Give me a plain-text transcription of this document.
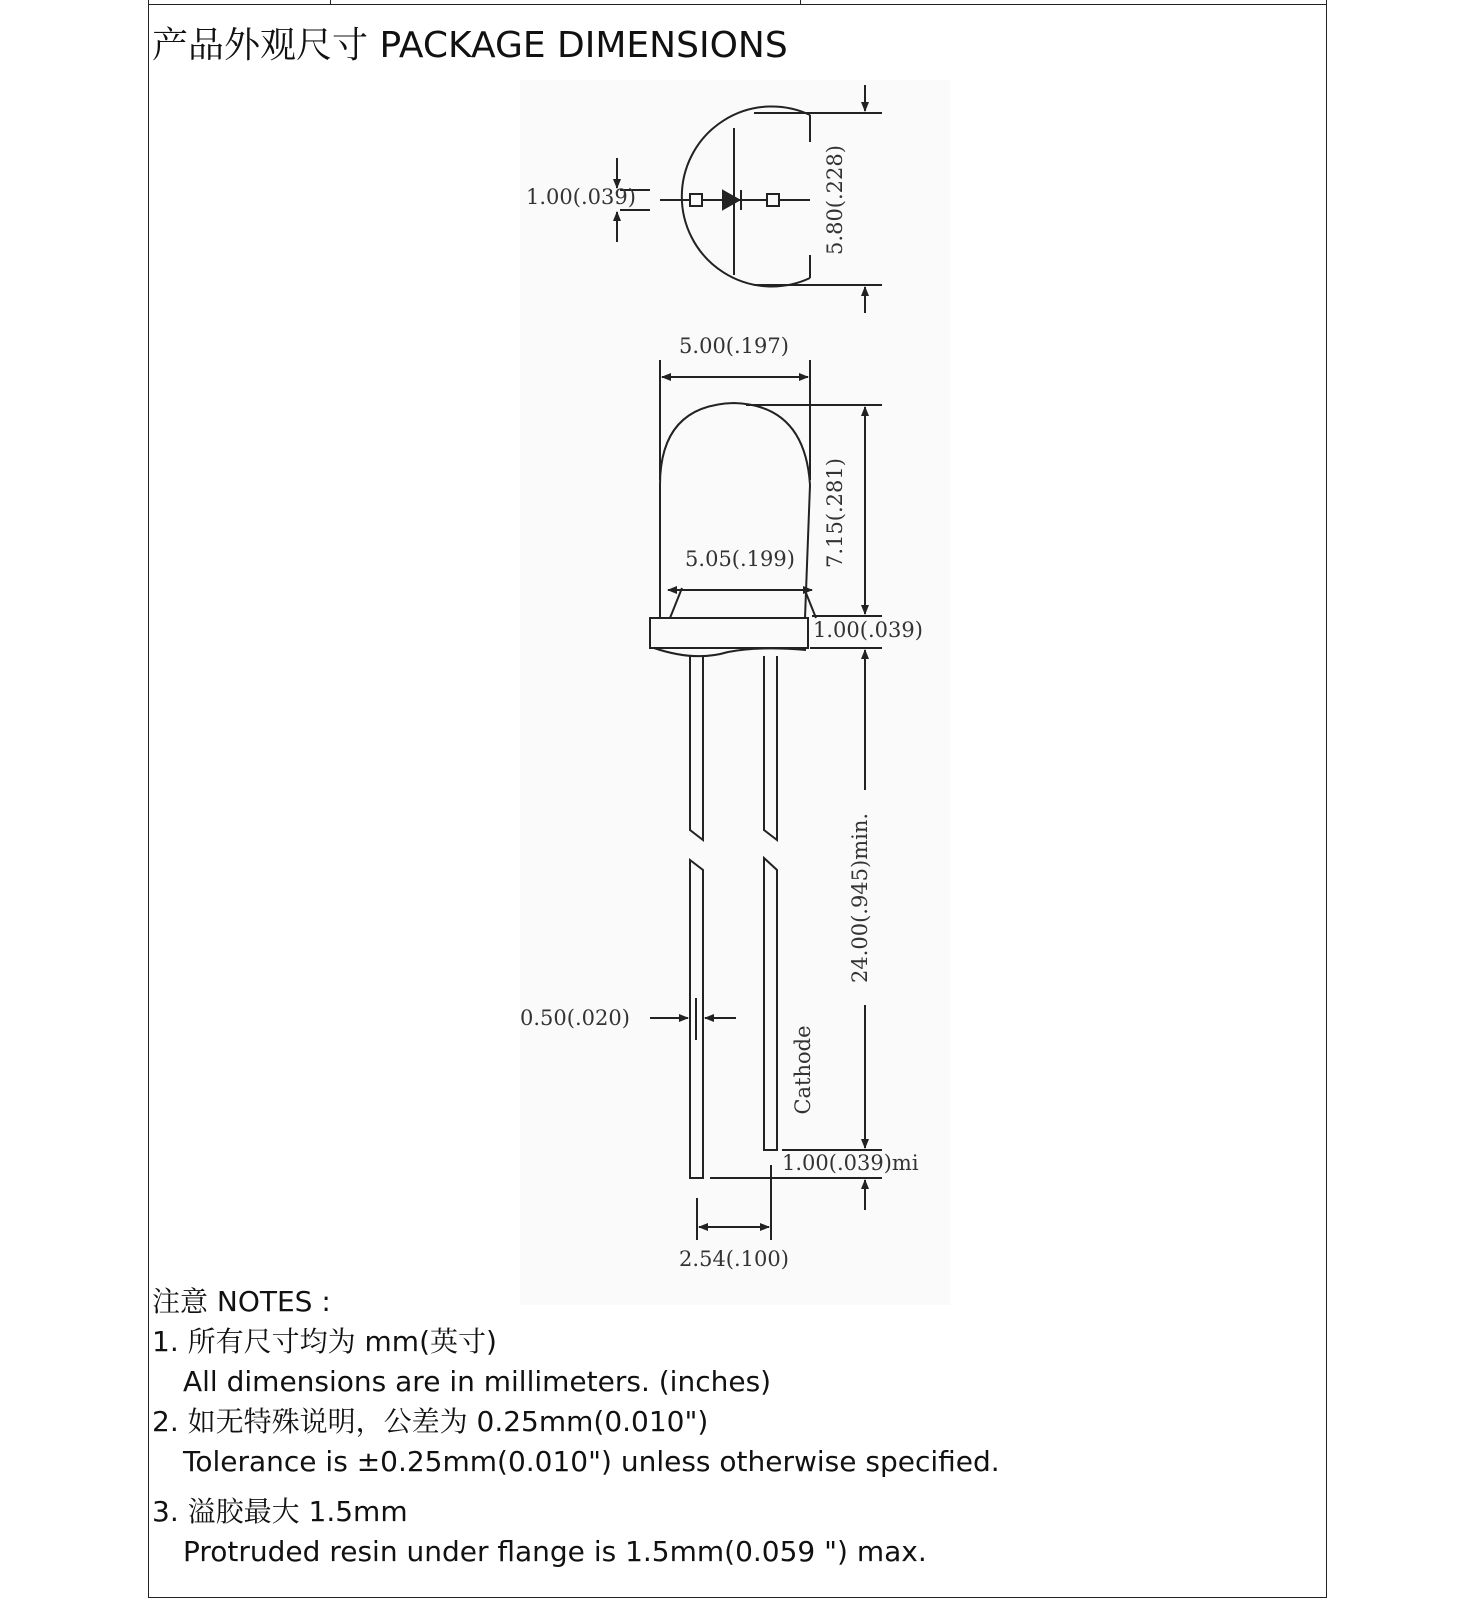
产品外观尺寸 PACKAGE DIMENSIONS
1.00(.039)	5.80(.228)
5.00(.197)
7.15(.281)
5.05(.199)
1.00(.039)
24.00(.945)min.
0.50(.020)
Cathode
1.00(.039)mi
2.54(.100)
注意 NOTES :
1. 所有尺寸均为 mm(英寸)
All dimensions are in millimeters. (inches)
2. 如无特殊说明，公差为 0.25mm(0.010")
Tolerance is ±0.25mm(0.010") unless otherwise specified.
3. 溢胶最大 1.5mm
Protruded resin under flange is 1.5mm(0.059 ") max.
